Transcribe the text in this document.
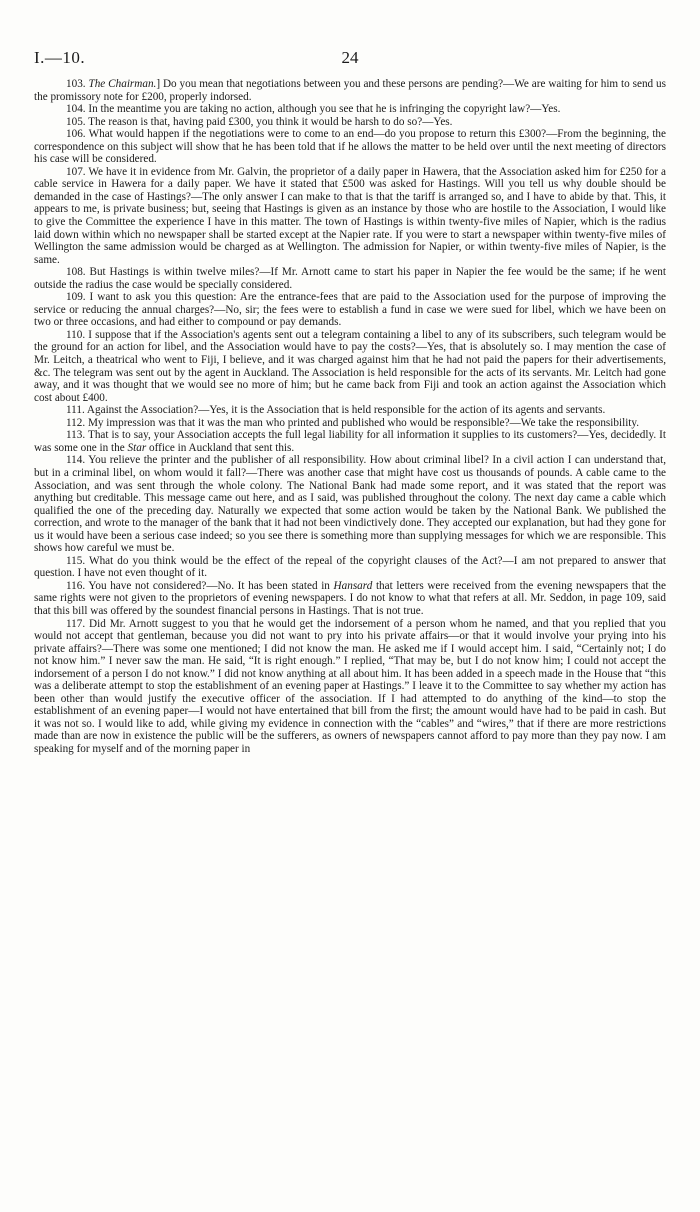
I.—10.	24

103. The Chairman.] Do you mean that negotiations between you and these persons are pending?—We are waiting for him to send us the promissory note for £200, properly indorsed.

104. In the meantime you are taking no action, although you see that he is infringing the copyright law?—Yes.

105. The reason is that, having paid £300, you think it would be harsh to do so?—Yes.

106. What would happen if the negotiations were to come to an end—do you propose to return this £300?—From the beginning, the correspondence on this subject will show that he has been told that if he allows the matter to be held over until the next meeting of directors his case will be considered.

107. We have it in evidence from Mr. Galvin, the proprietor of a daily paper in Hawera, that the Association asked him for £250 for a cable service in Hawera for a daily paper. We have it stated that £500 was asked for Hastings. Will you tell us why double should be demanded in the case of Hastings?—The only answer I can make to that is that the tariff is arranged so, and I have to abide by that. This, it appears to me, is private business; but, seeing that Hastings is given as an instance by those who are hostile to the Association, I would like to give the Committee the experience I have in this matter. The town of Hastings is within twenty-five miles of Napier, which is the radius laid down within which no newspaper shall be started except at the Napier rate. If you were to start a newspaper within twenty-five miles of Wellington the same admission would be charged as at Wellington. The admission for Napier, or within twenty-five miles of Napier, is the same.

108. But Hastings is within twelve miles?—If Mr. Arnott came to start his paper in Napier the fee would be the same; if he went outside the radius the case would be specially considered.

109. I want to ask you this question: Are the entrance-fees that are paid to the Association used for the purpose of improving the service or reducing the annual charges?—No, sir; the fees were to establish a fund in case we were sued for libel, which we have been on two or three occasions, and had either to compound or pay demands.

110. I suppose that if the Association's agents sent out a telegram containing a libel to any of its subscribers, such telegram would be the ground for an action for libel, and the Association would have to pay the costs?—Yes, that is absolutely so. I may mention the case of Mr. Leitch, a theatrical who went to Fiji, I believe, and it was charged against him that he had not paid the papers for their advertisements, &c. The telegram was sent out by the agent in Auckland. The Association is held responsible for the acts of its servants. Mr. Leitch had gone away, and it was thought that we would see no more of him; but he came back from Fiji and took an action against the Association which cost about £400.

111. Against the Association?—Yes, it is the Association that is held responsible for the action of its agents and servants.

112. My impression was that it was the man who printed and published who would be responsible?—We take the responsibility.

113. That is to say, your Association accepts the full legal liability for all information it supplies to its customers?—Yes, decidedly. It was some one in the Star office in Auckland that sent this.

114. You relieve the printer and the publisher of all responsibility. How about criminal libel? In a civil action I can understand that, but in a criminal libel, on whom would it fall?—There was another case that might have cost us thousands of pounds. A cable came to the Association, and was sent through the whole colony. The National Bank had made some report, and it was stated that the report was anything but creditable. This message came out here, and as I said, was published throughout the colony. The next day came a cable which qualified the one of the preceding day. Naturally we expected that some action would be taken by the National Bank. We published the correction, and wrote to the manager of the bank that it had not been vindictively done. They accepted our explanation, but had they gone for us it would have been a serious case indeed; so you see there is something more than supplying messages for which we are responsible. This shows how careful we must be.

115. What do you think would be the effect of the repeal of the copyright clauses of the Act?—I am not prepared to answer that question. I have not even thought of it.

116. You have not considered?—No. It has been stated in Hansard that letters were received from the evening newspapers that the same rights were not given to the proprietors of evening newspapers. I do not know to what that refers at all. Mr. Seddon, in page 109, said that this bill was offered by the soundest financial persons in Hastings. That is not true.

117. Did Mr. Arnott suggest to you that he would get the indorsement of a person whom he named, and that you replied that you would not accept that gentleman, because you did not want to pry into his private affairs—or that it would involve your prying into his private affairs?—There was some one mentioned; I did not know the man. He asked me if I would accept him. I said, “Certainly not; I do not know him.” I never saw the man. He said, “It is right enough.” I replied, “That may be, but I do not know him; I could not accept the indorsement of a person I do not know.” I did not know anything at all about him. It has been added in a speech made in the House that “this was a deliberate attempt to stop the establishment of an evening paper at Hastings.” I leave it to the Committee to say whether my action has been other than would justify the executive officer of the association. If I had attempted to do anything of the kind—to stop the establishment of an evening paper—I would not have entertained that bill from the first; the amount would have had to be paid in cash. But it was not so. I would like to add, while giving my evidence in connection with the “cables” and “wires,” that if there are more restrictions made than are now in existence the public will be the sufferers, as owners of newspapers cannot afford to pay more than they pay now. I am speaking for myself and of the morning paper in
